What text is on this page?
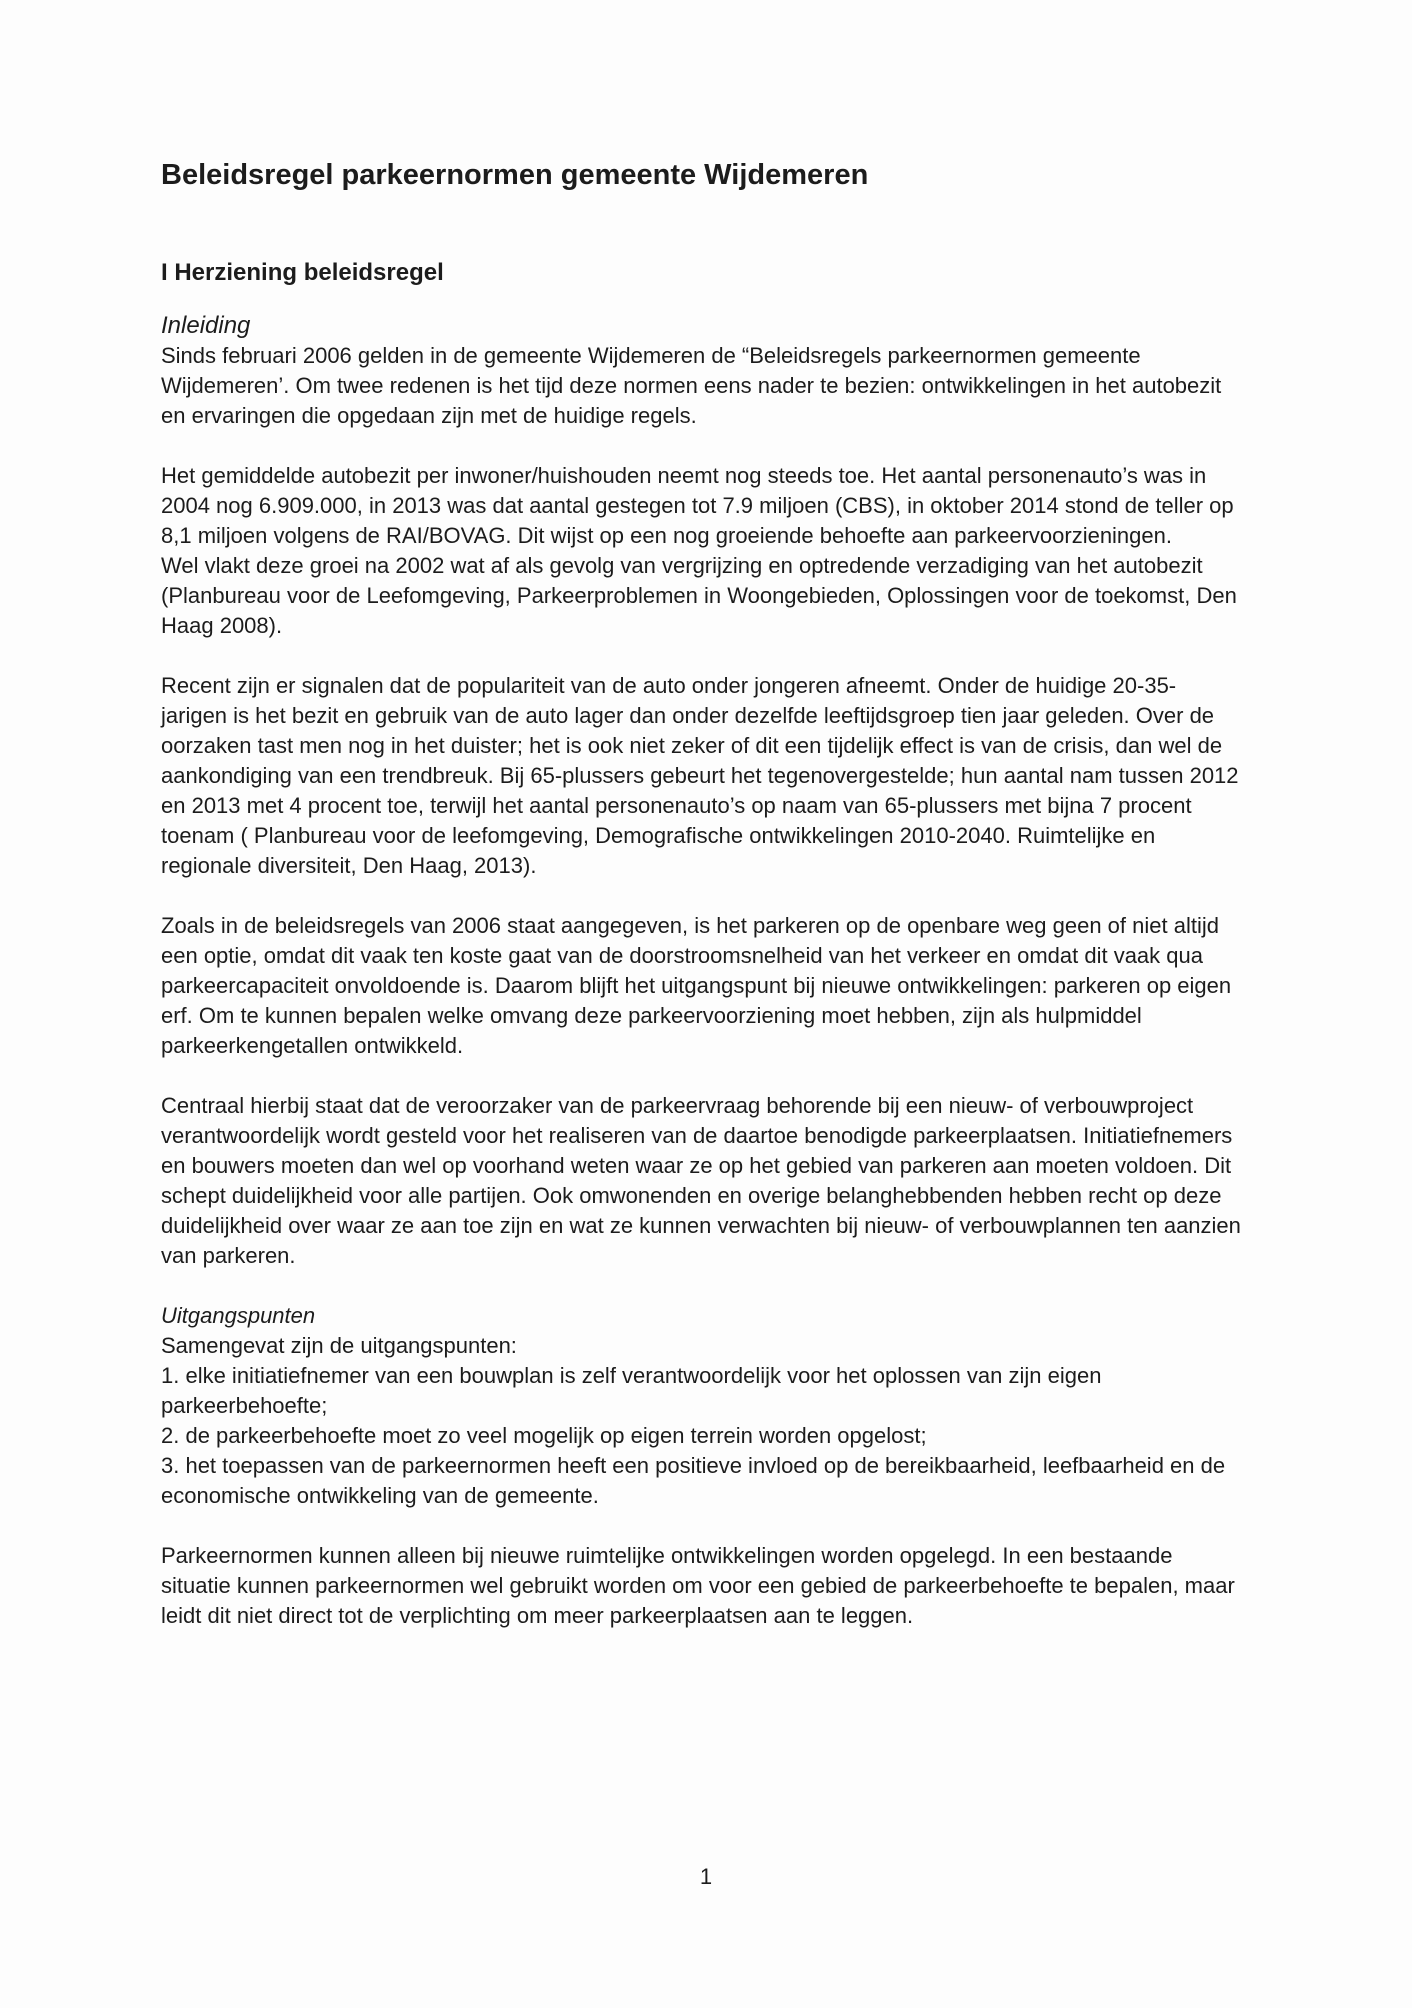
Beleidsregel parkeernormen gemeente Wijdemeren
I Herziening beleidsregel
Inleiding

Sinds februari 2006 gelden in de gemeente Wijdemeren de “Beleidsregels parkeernormen gemeente Wijdemeren’. Om twee redenen is het tijd deze normen eens nader te bezien: ontwikkelingen in het autobezit en ervaringen die opgedaan zijn met de huidige regels.

Het gemiddelde autobezit per inwoner/huishouden neemt nog steeds toe. Het aantal personenauto’s was in 2004 nog 6.909.000, in 2013 was dat aantal gestegen tot 7.9 miljoen (CBS), in oktober 2014 stond de teller op 8,1 miljoen volgens de RAI/BOVAG. Dit wijst op een nog groeiende behoefte aan parkeervoorzieningen.

Wel vlakt deze groei na 2002 wat af als gevolg van vergrijzing en optredende verzadiging van het autobezit (Planbureau voor de Leefomgeving, Parkeerproblemen in Woongebieden, Oplossingen voor de toekomst, Den Haag 2008).

Recent zijn er signalen dat de populariteit van de auto onder jongeren afneemt. Onder de huidige 20-35-jarigen is het bezit en gebruik van de auto lager dan onder dezelfde leeftijdsgroep tien jaar geleden. Over de oorzaken tast men nog in het duister; het is ook niet zeker of dit een tijdelijk effect is van de crisis, dan wel de aankondiging van een trendbreuk. Bij 65-plussers gebeurt het tegenovergestelde; hun aantal nam tussen 2012 en 2013 met 4 procent toe, terwijl het aantal personenauto’s op naam van 65-plussers met bijna 7 procent toenam ( Planbureau voor de leefomgeving, Demografische ontwikkelingen 2010-2040. Ruimtelijke en regionale diversiteit, Den Haag, 2013).

Zoals in de beleidsregels van 2006 staat aangegeven, is het parkeren op de openbare weg geen of niet altijd een optie, omdat dit vaak ten koste gaat van de doorstroomsnelheid van het verkeer en omdat dit vaak qua parkeercapaciteit onvoldoende is. Daarom blijft het uitgangspunt bij nieuwe ontwikkelingen: parkeren op eigen erf. Om te kunnen bepalen welke omvang deze parkeervoorziening moet hebben, zijn als hulpmiddel parkeerkengetallen ontwikkeld.

Centraal hierbij staat dat de veroorzaker van de parkeervraag behorende bij een nieuw- of verbouwproject verantwoordelijk wordt gesteld voor het realiseren van de daartoe benodigde parkeerplaatsen. Initiatiefnemers en bouwers moeten dan wel op voorhand weten waar ze op het gebied van parkeren aan moeten voldoen. Dit schept duidelijkheid voor alle partijen. Ook omwonenden en overige belanghebbenden hebben recht op deze duidelijkheid over waar ze aan toe zijn en wat ze kunnen verwachten bij nieuw- of verbouwplannen ten aanzien van parkeren.

Uitgangspunten

Samengevat zijn de uitgangspunten:

1. elke initiatiefnemer van een bouwplan is zelf verantwoordelijk voor het oplossen van zijn eigen parkeerbehoefte;
2. de parkeerbehoefte moet zo veel mogelijk op eigen terrein worden opgelost;
3. het toepassen van de parkeernormen heeft een positieve invloed op de bereikbaarheid, leefbaarheid en de economische ontwikkeling van de gemeente.

Parkeernormen kunnen alleen bij nieuwe ruimtelijke ontwikkelingen worden opgelegd. In een bestaande situatie kunnen parkeernormen wel gebruikt worden om voor een gebied de parkeerbehoefte te bepalen, maar leidt dit niet direct tot de verplichting om meer parkeerplaatsen aan te leggen.

1
